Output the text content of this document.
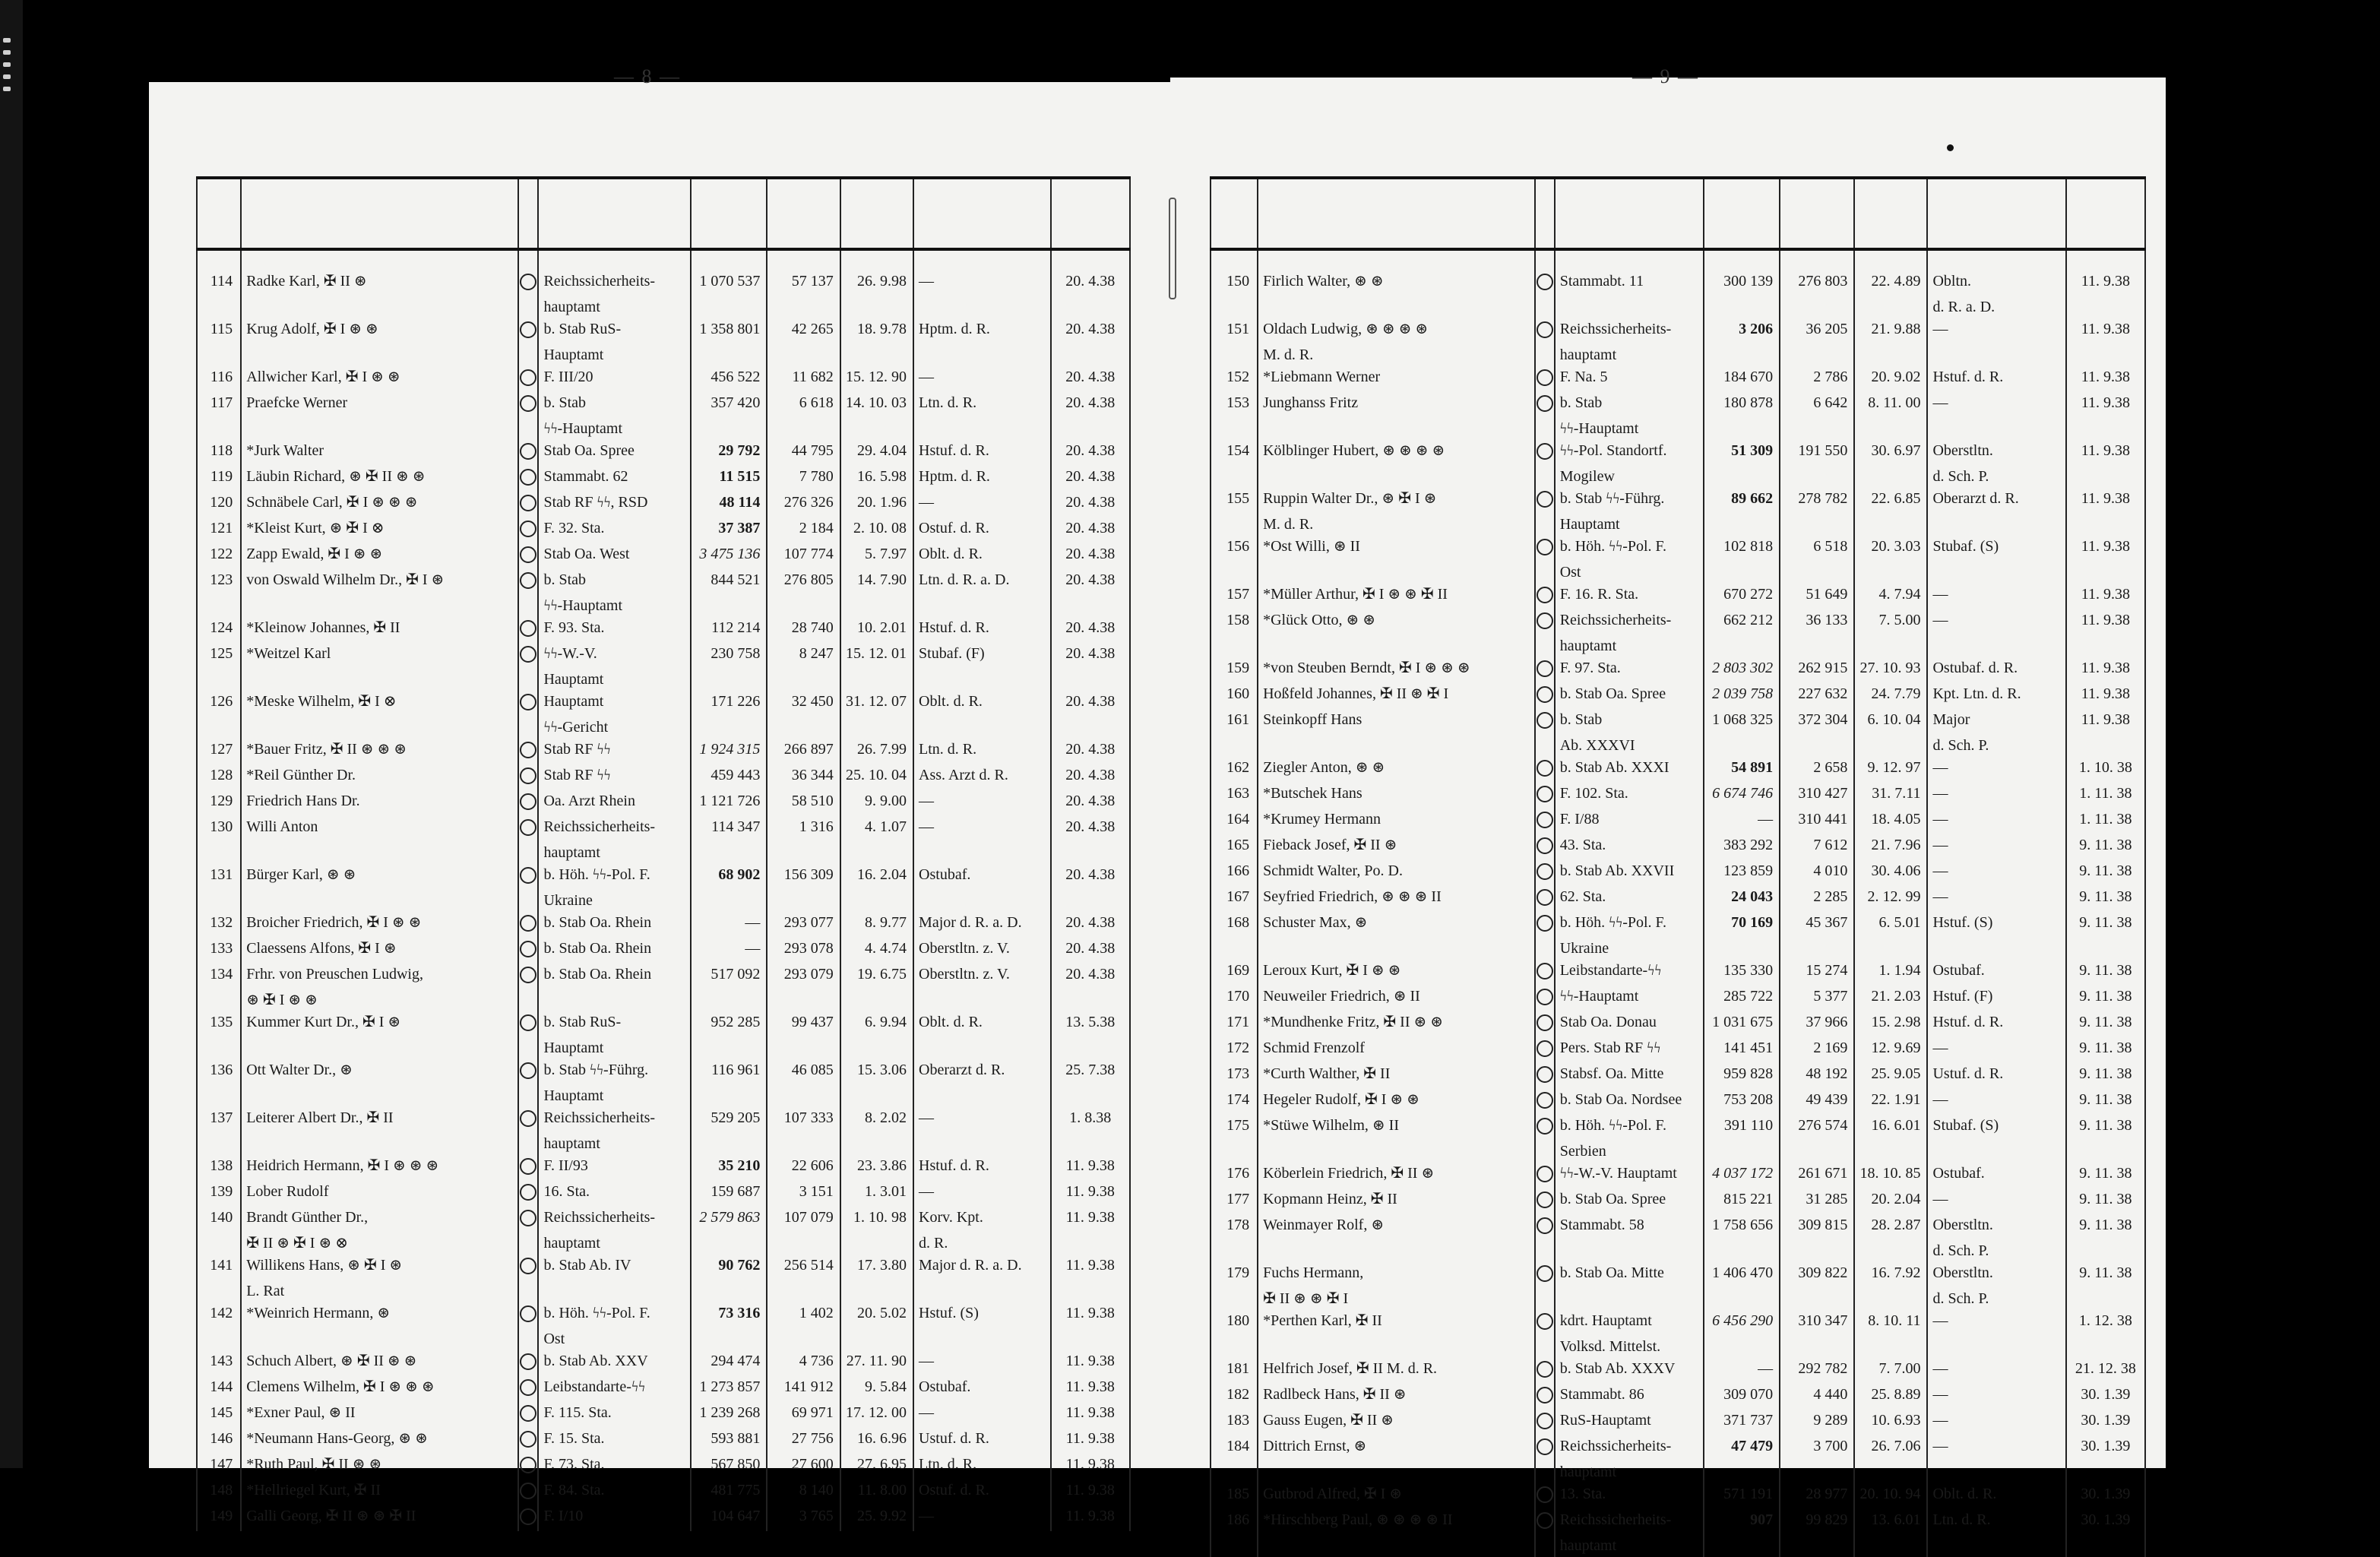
— 8 —	— 9 —

114	Radke Karl, ✠ II ⊛		Reichssicherheits-	1 070 537	57 137	26. 9.98	—	20. 4.38
			hauptamt					
115	Krug Adolf, ✠ I ⊛ ⊛		b. Stab RuS-	1 358 801	42 265	18. 9.78	Hptm. d. R.	20. 4.38
			Hauptamt					
116	Allwicher Karl, ✠ I ⊛ ⊛		F. III/20	456 522	11 682	15. 12. 90	—	20. 4.38
117	Praefcke Werner		b. Stab	357 420	6 618	14. 10. 03	Ltn. d. R.	20. 4.38
			ϟϟ-Hauptamt					
118	*Jurk Walter		Stab Oa. Spree	29 792	44 795	29. 4.04	Hstuf. d. R.	20. 4.38
119	Läubin Richard, ⊛ ✠ II ⊛ ⊛		Stammabt. 62	11 515	7 780	16. 5.98	Hptm. d. R.	20. 4.38
120	Schnäbele Carl, ✠ I ⊛ ⊛ ⊛		Stab RF ϟϟ, RSD	48 114	276 326	20. 1.96	—	20. 4.38
121	*Kleist Kurt, ⊛ ✠ I ⊗		F. 32. Sta.	37 387	2 184	2. 10. 08	Ostuf. d. R.	20. 4.38
122	Zapp Ewald, ✠ I ⊛ ⊛		Stab Oa. West	3 475 136	107 774	5. 7.97	Oblt. d. R.	20. 4.38
123	von Oswald Wilhelm Dr., ✠ I ⊛		b. Stab	844 521	276 805	14. 7.90	Ltn. d. R. a. D.	20. 4.38
			ϟϟ-Hauptamt					
124	*Kleinow Johannes, ✠ II		F. 93. Sta.	112 214	28 740	10. 2.01	Hstuf. d. R.	20. 4.38
125	*Weitzel Karl		ϟϟ-W.-V.	230 758	8 247	15. 12. 01	Stubaf. (F)	20. 4.38
			Hauptamt					
126	*Meske Wilhelm, ✠ I ⊗		Hauptamt	171 226	32 450	31. 12. 07	Oblt. d. R.	20. 4.38
			ϟϟ-Gericht					
127	*Bauer Fritz, ✠ II ⊛ ⊛ ⊛		Stab RF ϟϟ	1 924 315	266 897	26. 7.99	Ltn. d. R.	20. 4.38
128	*Reil Günther Dr.		Stab RF ϟϟ	459 443	36 344	25. 10. 04	Ass. Arzt d. R.	20. 4.38
129	Friedrich Hans Dr.		Oa. Arzt Rhein	1 121 726	58 510	9. 9.00	—	20. 4.38
130	Willi Anton		Reichssicherheits-	114 347	1 316	4. 1.07	—	20. 4.38
			hauptamt					
131	Bürger Karl, ⊛ ⊛		b. Höh. ϟϟ-Pol. F.	68 902	156 309	16. 2.04	Ostubaf.	20. 4.38
			Ukraine					
132	Broicher Friedrich, ✠ I ⊛ ⊛		b. Stab Oa. Rhein	—	293 077	8. 9.77	Major d. R. a. D.	20. 4.38
133	Claessens Alfons, ✠ I ⊛		b. Stab Oa. Rhein	—	293 078	4. 4.74	Oberstltn. z. V.	20. 4.38
134	Frhr. von Preuschen Ludwig,		b. Stab Oa. Rhein	517 092	293 079	19. 6.75	Oberstltn. z. V.	20. 4.38
	⊛ ✠ I ⊛ ⊛							
135	Kummer Kurt Dr., ✠ I ⊛		b. Stab RuS-	952 285	99 437	6. 9.94	Oblt. d. R.	13. 5.38
			Hauptamt					
136	Ott Walter Dr., ⊛		b. Stab ϟϟ-Führg.	116 961	46 085	15. 3.06	Oberarzt d. R.	25. 7.38
			Hauptamt					
137	Leiterer Albert Dr., ✠ II		Reichssicherheits-	529 205	107 333	8. 2.02	—	1. 8.38
			hauptamt					
138	Heidrich Hermann, ✠ I ⊛ ⊛ ⊛		F. II/93	35 210	22 606	23. 3.86	Hstuf. d. R.	11. 9.38
139	Lober Rudolf		16. Sta.	159 687	3 151	1. 3.01	—	11. 9.38
140	Brandt Günther Dr.,		Reichssicherheits-	2 579 863	107 079	1. 10. 98	Korv. Kpt.	11. 9.38
	✠ II ⊛ ✠ I ⊛ ⊗		hauptamt				d. R.	
141	Willikens Hans, ⊛ ✠ I ⊛		b. Stab Ab. IV	90 762	256 514	17. 3.80	Major d. R. a. D.	11. 9.38
	L. Rat							
142	*Weinrich Hermann, ⊛		b. Höh. ϟϟ-Pol. F.	73 316	1 402	20. 5.02	Hstuf. (S)	11. 9.38
			Ost					
143	Schuch Albert, ⊛ ✠ II ⊛ ⊛		b. Stab Ab. XXV	294 474	4 736	27. 11. 90	—	11. 9.38
144	Clemens Wilhelm, ✠ I ⊛ ⊛ ⊛		Leibstandarte-ϟϟ	1 273 857	141 912	9. 5.84	Ostubaf.	11. 9.38
145	*Exner Paul, ⊛ II		F. 115. Sta.	1 239 268	69 971	17. 12. 00	—	11. 9.38
146	*Neumann Hans-Georg, ⊛ ⊛		F. 15. Sta.	593 881	27 756	16. 6.96	Ustuf. d. R.	11. 9.38
147	*Ruth Paul, ✠ II ⊛ ⊛		F. 73. Sta.	567 850	27 600	27. 6.95	Ltn. d. R.	11. 9.38
148	*Hellriegel Kurt, ✠ II		F. 84. Sta.	481 775	8 140	11. 8.00	Ostuf. d. R.	11. 9.38
149	Galli Georg, ✠ II ⊛ ⊛ ✠ II		F. I/10	104 647	3 765	25. 9.92	—	11. 9.38

150	Firlich Walter, ⊛ ⊛		Stammabt. 11	300 139	276 803	22. 4.89	Obltn.	11. 9.38
							d. R. a. D.	
151	Oldach Ludwig, ⊛ ⊛ ⊛ ⊛		Reichssicherheits-	3 206	36 205	21. 9.88	—	11. 9.38
	M. d. R.		hauptamt					
152	*Liebmann Werner		F. Na. 5	184 670	2 786	20. 9.02	Hstuf. d. R.	11. 9.38
153	Junghanss Fritz		b. Stab	180 878	6 642	8. 11. 00	—	11. 9.38
			ϟϟ-Hauptamt					
154	Kölblinger Hubert, ⊛ ⊛ ⊛ ⊛		ϟϟ-Pol. Standortf.	51 309	191 550	30. 6.97	Oberstltn.	11. 9.38
			Mogilew				d. Sch. P.	
155	Ruppin Walter Dr., ⊛ ✠ I ⊛		b. Stab ϟϟ-Führg.	89 662	278 782	22. 6.85	Oberarzt d. R.	11. 9.38
	M. d. R.		Hauptamt					
156	*Ost Willi, ⊛ II		b. Höh. ϟϟ-Pol. F.	102 818	6 518	20. 3.03	Stubaf. (S)	11. 9.38
			Ost					
157	*Müller Arthur, ✠ I ⊛ ⊛ ✠ II		F. 16. R. Sta.	670 272	51 649	4. 7.94	—	11. 9.38
158	*Glück Otto, ⊛ ⊛		Reichssicherheits-	662 212	36 133	7. 5.00	—	11. 9.38
			hauptamt					
159	*von Steuben Berndt, ✠ I ⊛ ⊛ ⊛		F. 97. Sta.	2 803 302	262 915	27. 10. 93	Ostubaf. d. R.	11. 9.38
160	Hoßfeld Johannes, ✠ II ⊛ ✠ I		b. Stab Oa. Spree	2 039 758	227 632	24. 7.79	Kpt. Ltn. d. R.	11. 9.38
161	Steinkopff Hans		b. Stab	1 068 325	372 304	6. 10. 04	Major	11. 9.38
			Ab. XXXVI				d. Sch. P.	
162	Ziegler Anton, ⊛ ⊛		b. Stab Ab. XXXI	54 891	2 658	9. 12. 97	—	1. 10. 38
163	*Butschek Hans		F. 102. Sta.	6 674 746	310 427	31. 7.11	—	1. 11. 38
164	*Krumey Hermann		F. I/88	—	310 441	18. 4.05	—	1. 11. 38
165	Fieback Josef, ✠ II ⊛		43. Sta.	383 292	7 612	21. 7.96	—	9. 11. 38
166	Schmidt Walter, Po. D.		b. Stab Ab. XXVII	123 859	4 010	30. 4.06	—	9. 11. 38
167	Seyfried Friedrich, ⊛ ⊛ ⊛ II		62. Sta.	24 043	2 285	2. 12. 99	—	9. 11. 38
168	Schuster Max, ⊛		b. Höh. ϟϟ-Pol. F.	70 169	45 367	6. 5.01	Hstuf. (S)	9. 11. 38
			Ukraine					
169	Leroux Kurt, ✠ I ⊛ ⊛		Leibstandarte-ϟϟ	135 330	15 274	1. 1.94	Ostubaf.	9. 11. 38
170	Neuweiler Friedrich, ⊛ II		ϟϟ-Hauptamt	285 722	5 377	21. 2.03	Hstuf. (F)	9. 11. 38
171	*Mundhenke Fritz, ✠ II ⊛ ⊛		Stab Oa. Donau	1 031 675	37 966	15. 2.98	Hstuf. d. R.	9. 11. 38
172	Schmid Frenzolf		Pers. Stab RF ϟϟ	141 451	2 169	12. 9.69	—	9. 11. 38
173	*Curth Walther, ✠ II		Stabsf. Oa. Mitte	959 828	48 192	25. 9.05	Ustuf. d. R.	9. 11. 38
174	Hegeler Rudolf, ✠ I ⊛ ⊛		b. Stab Oa. Nordsee	753 208	49 439	22. 1.91	—	9. 11. 38
175	*Stüwe Wilhelm, ⊛ II		b. Höh. ϟϟ-Pol. F.	391 110	276 574	16. 6.01	Stubaf. (S)	9. 11. 38
			Serbien					
176	Köberlein Friedrich, ✠ II ⊛		ϟϟ-W.-V. Hauptamt	4 037 172	261 671	18. 10. 85	Ostubaf.	9. 11. 38
177	Kopmann Heinz, ✠ II		b. Stab Oa. Spree	815 221	31 285	20. 2.04	—	9. 11. 38
178	Weinmayer Rolf, ⊛		Stammabt. 58	1 758 656	309 815	28. 2.87	Oberstltn.	9. 11. 38
							d. Sch. P.	
179	Fuchs Hermann,		b. Stab Oa. Mitte	1 406 470	309 822	16. 7.92	Oberstltn.	9. 11. 38
	✠ II ⊛ ⊛ ✠ I						d. Sch. P.	
180	*Perthen Karl, ✠ II		kdrt. Hauptamt	6 456 290	310 347	8. 10. 11	—	1. 12. 38
			Volksd. Mittelst.					
181	Helfrich Josef, ✠ II M. d. R.		b. Stab Ab. XXXV	—	292 782	7. 7.00	—	21. 12. 38
182	Radlbeck Hans, ✠ II ⊛		Stammabt. 86	309 070	4 440	25. 8.89	—	30. 1.39
183	Gauss Eugen, ✠ II ⊛		RuS-Hauptamt	371 737	9 289	10. 6.93	—	30. 1.39
184	Dittrich Ernst, ⊛		Reichssicherheits-	47 479	3 700	26. 7.06	—	30. 1.39
			hauptamt					
185	Gutbrod Alfred, ✠ I ⊛		13. Sta.	571 191	28 977	20. 10. 94	Oblt. d. R.	30. 1.39
186	*Hirschberg Paul, ⊛ ⊛ ⊛ ⊛ II		Reichssicherheits-	907	99 829	13. 6.01	Ltn. d. R.	30. 1.39
			hauptamt					
